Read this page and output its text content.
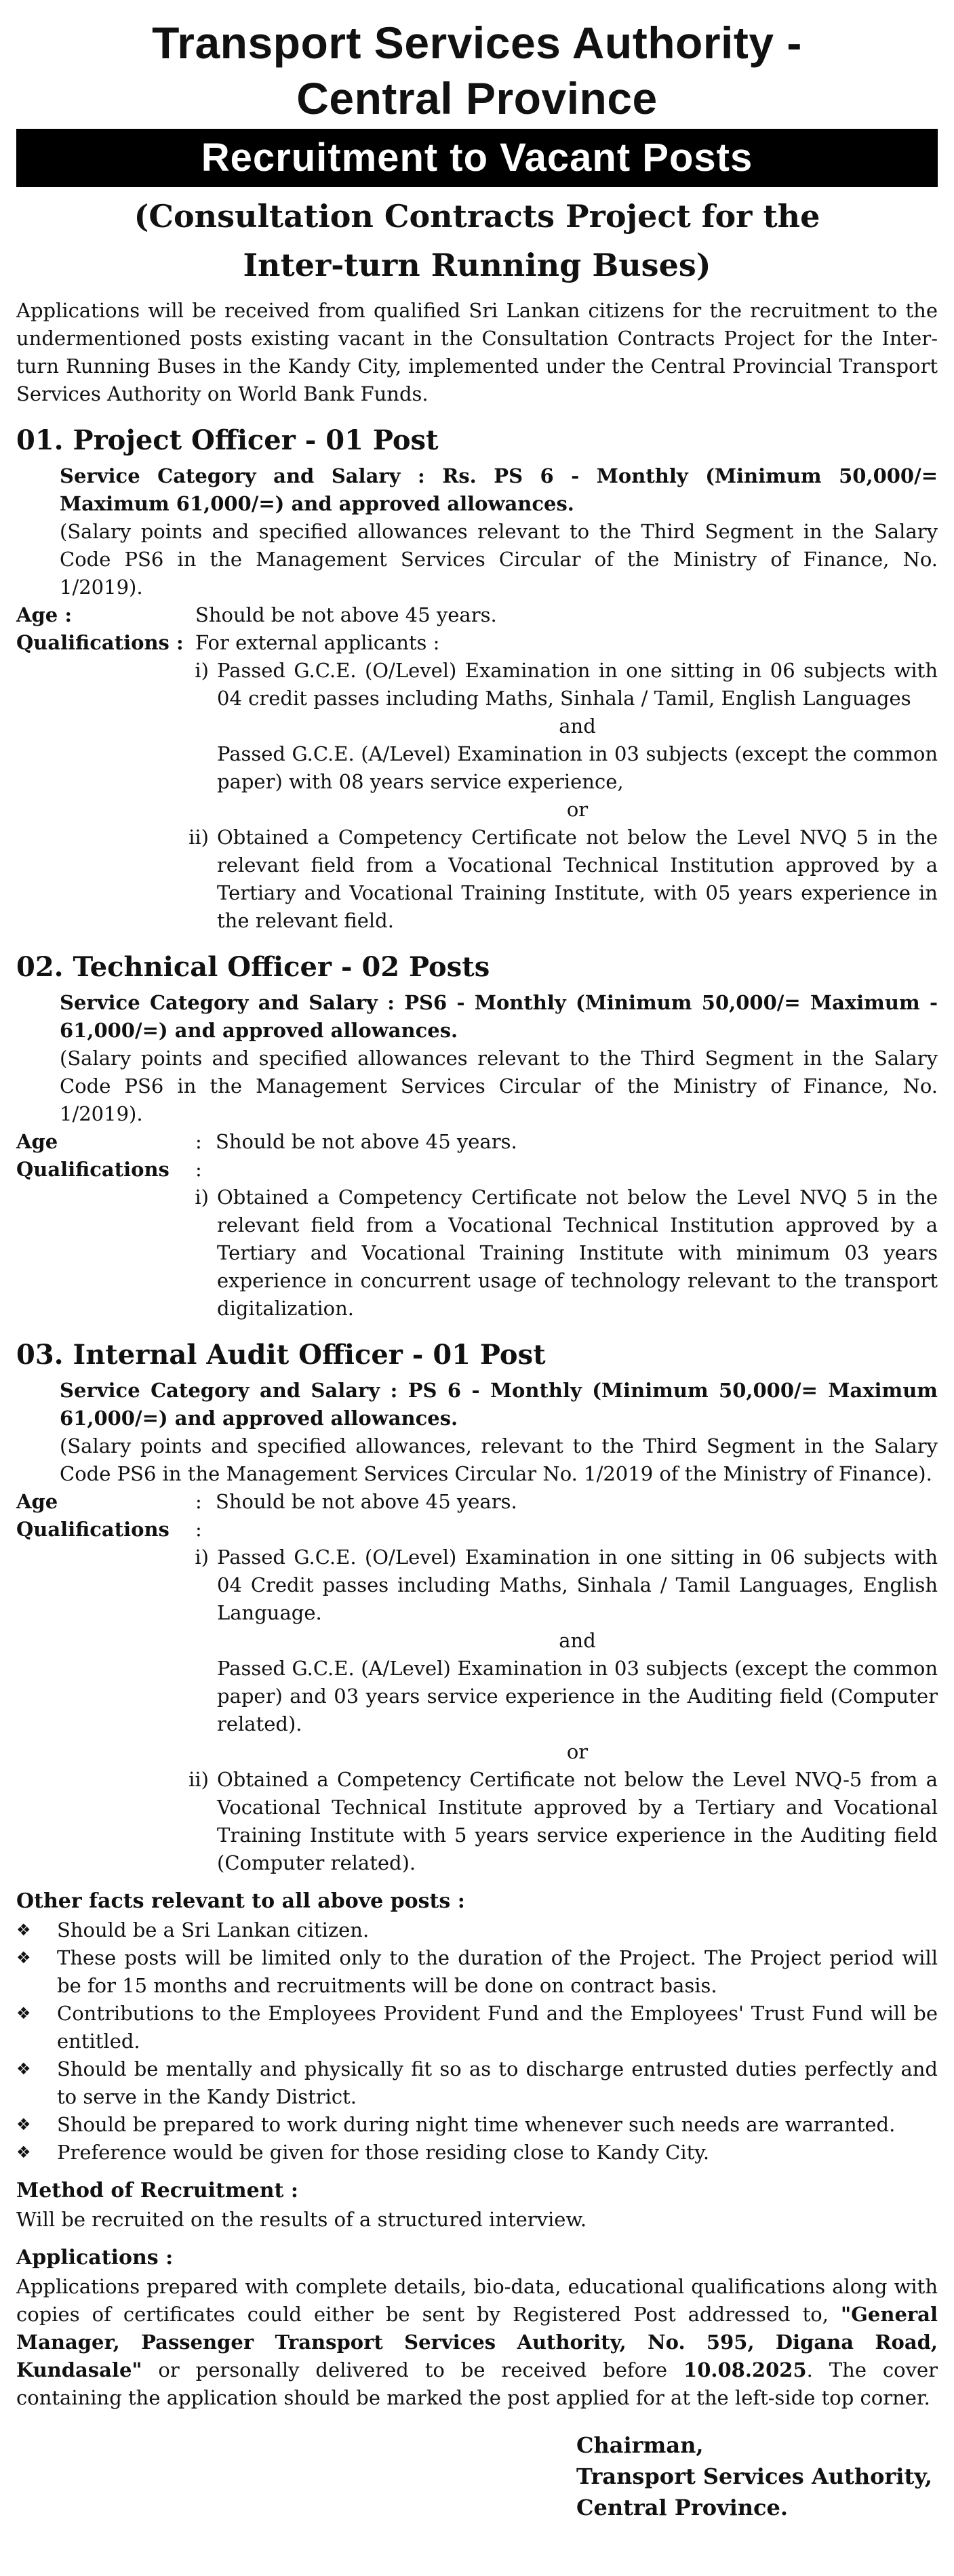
Transport Services Authority -
Central Province
Recruitment to Vacant Posts
(Consultation Contracts Project for the
Inter-turn Running Buses)

Applications will be received from qualified Sri Lankan citizens for the recruitment to the undermentioned posts existing vacant in the Consultation Contracts Project for the Inter-turn Running Buses in the Kandy City, implemented under the Central Provincial Transport Services Authority on World Bank Funds.

01. Project Officer - 01 Post

Service Category and Salary : Rs. PS 6 - Monthly (Minimum 50,000/= Maximum 61,000/=) and approved allowances.

(Salary points and specified allowances relevant to the Third Segment in the Salary Code PS6 in the Management Services Circular of the Ministry of Finance, No. 1/2019).

Age :	Should be not above 45 years.
Qualifications : For external applicants :
i) Passed G.C.E. (O/Level) Examination in one sitting in 06 subjects with 04 credit passes including Maths, Sinhala / Tamil, English Languages
and

Passed G.C.E. (A/Level) Examination in 03 subjects (except the common paper) with 08 years service experience,

or
ii) Obtained a Competency Certificate not below the Level NVQ 5 in the relevant field from a Vocational Technical Institution approved by a Tertiary and Vocational Training Institute, with 05 years experience in the relevant field.
02. Technical Officer - 02 Posts

Service Category and Salary : PS6 - Monthly (Minimum 50,000/= Maximum - 61,000/=) and approved allowances.

(Salary points and specified allowances relevant to the Third Segment in the Salary Code PS6 in the Management Services Circular of the Ministry of Finance, No. 1/2019).

Age	: Should be not above 45 years.
Qualifications	:
i) Obtained a Competency Certificate not below the Level NVQ 5 in the relevant field from a Vocational Technical Institution approved by a Tertiary and Vocational Training Institute with minimum 03 years experience in concurrent usage of technology relevant to the transport digitalization.
03. Internal Audit Officer - 01 Post

Service Category and Salary : PS 6 - Monthly (Minimum 50,000/= Maximum 61,000/=) and approved allowances.

(Salary points and specified allowances, relevant to the Third Segment in the Salary Code PS6 in the Management Services Circular No. 1/2019 of the Ministry of Finance).

Age	: Should be not above 45 years.
Qualifications	:
i) Passed G.C.E. (O/Level) Examination in one sitting in 06 subjects with 04 Credit passes including Maths, Sinhala / Tamil Languages, English Language.
and

Passed G.C.E. (A/Level) Examination in 03 subjects (except the common paper) and 03 years service experience in the Auditing field (Computer related).

or
ii) Obtained a Competency Certificate not below the Level NVQ-5 from a Vocational Technical Institute approved by a Tertiary and Vocational Training Institute with 5 years service experience in the Auditing field (Computer related).
Other facts relevant to all above posts :
❖	Should be a Sri Lankan citizen.
❖	These posts will be limited only to the duration of the Project. The Project period will be for 15 months and recruitments will be done on contract basis.
❖	Contributions to the Employees Provident Fund and the Employees' Trust Fund will be entitled.
❖	Should be mentally and physically fit so as to discharge entrusted duties perfectly and to serve in the Kandy District.
❖	Should be prepared to work during night time whenever such needs are warranted.
❖	Preference would be given for those residing close to Kandy City.
Method of Recruitment :

Will be recruited on the results of a structured interview.

Applications :

Applications prepared with complete details, bio-data, educational qualifications along with copies of certificates could either be sent by Registered Post addressed to, "General Manager, Passenger Transport Services Authority, No. 595, Digana Road, Kundasale" or personally delivered to be received before 10.08.2025. The cover containing the application should be marked the post applied for at the left-side top corner.

Chairman,
Transport Services Authority,
Central Province.
